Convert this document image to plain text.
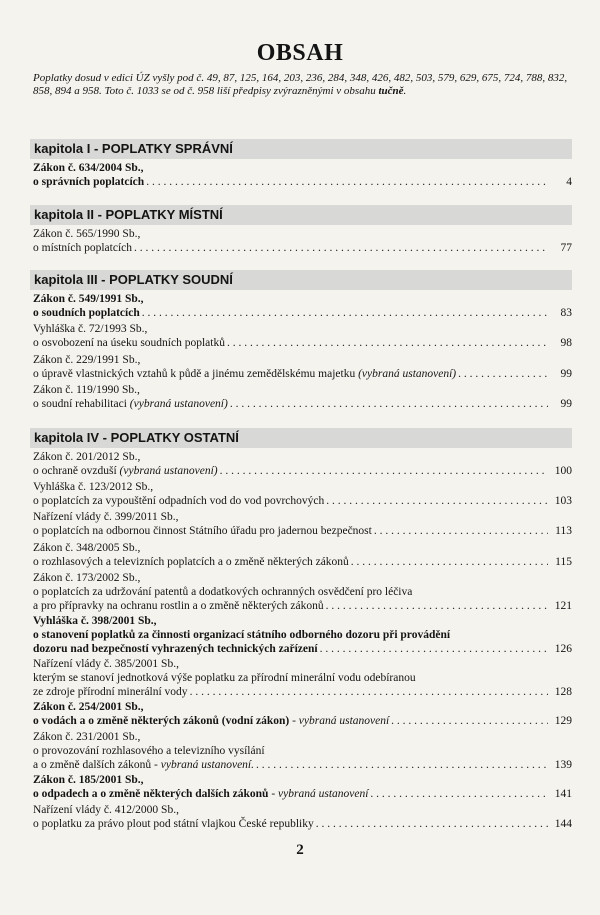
OBSAH
Poplatky dosud v edici ÚZ vyšly pod č. 49, 87, 125, 164, 203, 236, 284, 348, 426, 482, 503, 579, 629, 675, 724, 788, 832, 858, 894 a 958. Toto č. 1033 se od č. 958 liší předpisy zvýrazněnými v obsahu tučně.
kapitola I - POPLATKY SPRÁVNÍ
Zákon č. 634/2004 Sb.,
o správních poplatcích . . .	4
kapitola II - POPLATKY MÍSTNÍ
Zákon č. 565/1990 Sb.,
o místních poplatcích . . .	77
kapitola III - POPLATKY SOUDNÍ
Zákon č. 549/1991 Sb.,
o soudních poplatcích . . .	83
Vyhláška č. 72/1993 Sb.,
o osvobození na úseku soudních poplatků . . .	98
Zákon č. 229/1991 Sb.,
o úpravě vlastnických vztahů k půdě a jinému zemědělskému majetku
(vybraná ustanovení) . . .	99
Zákon č. 119/1990 Sb.,
o soudní rehabilitaci
(vybraná ustanovení) . . .	99
kapitola IV - POPLATKY OSTATNÍ
Zákon č. 201/2012 Sb.,
o ochraně ovzduší
(vybraná ustanovení) . . .	100
Vyhláška č. 123/2012 Sb.,
o poplatcích za vypouštění odpadních vod do vod povrchových . . .	103
Nařízení vlády č. 399/2011 Sb.,
o poplatcích na odbornou činnost Státního úřadu pro jadernou bezpečnost . . .	113
Zákon č. 348/2005 Sb.,
o rozhlasových a televizních poplatcích a o změně některých zákonů . . .	115
Zákon č. 173/2002 Sb.,
o poplatcích za udržování patentů a dodatkových ochranných osvědčení pro léčiva
a pro přípravky na ochranu rostlin a o změně některých zákonů . . .	121
Vyhláška č. 398/2001 Sb.,
o stanovení poplatků za činnosti organizací státního odborného dozoru při provádění
dozoru nad bezpečností vyhrazených technických zařízení . . .	126
Nařízení vlády č. 385/2001 Sb.,
kterým se stanoví jednotková výše poplatku za přírodní minerální vodu odebíranou
ze zdroje přírodní minerální vody . . .	128
Zákon č. 254/2001 Sb.,
o vodách a o změně některých zákonů (vodní zákon)
- vybraná ustanovení . . .	129
Zákon č. 231/2001 Sb.,
o provozování rozhlasového a televizního vysílání
a o změně dalších zákonů
- vybraná ustanovení. . . .	139
Zákon č. 185/2001 Sb.,
o odpadech a o změně některých dalších zákonů
- vybraná ustanovení . . .	141
Nařízení vlády č. 412/2000 Sb.,
o poplatku za právo plout pod státní vlajkou České republiky . . .	144
2
